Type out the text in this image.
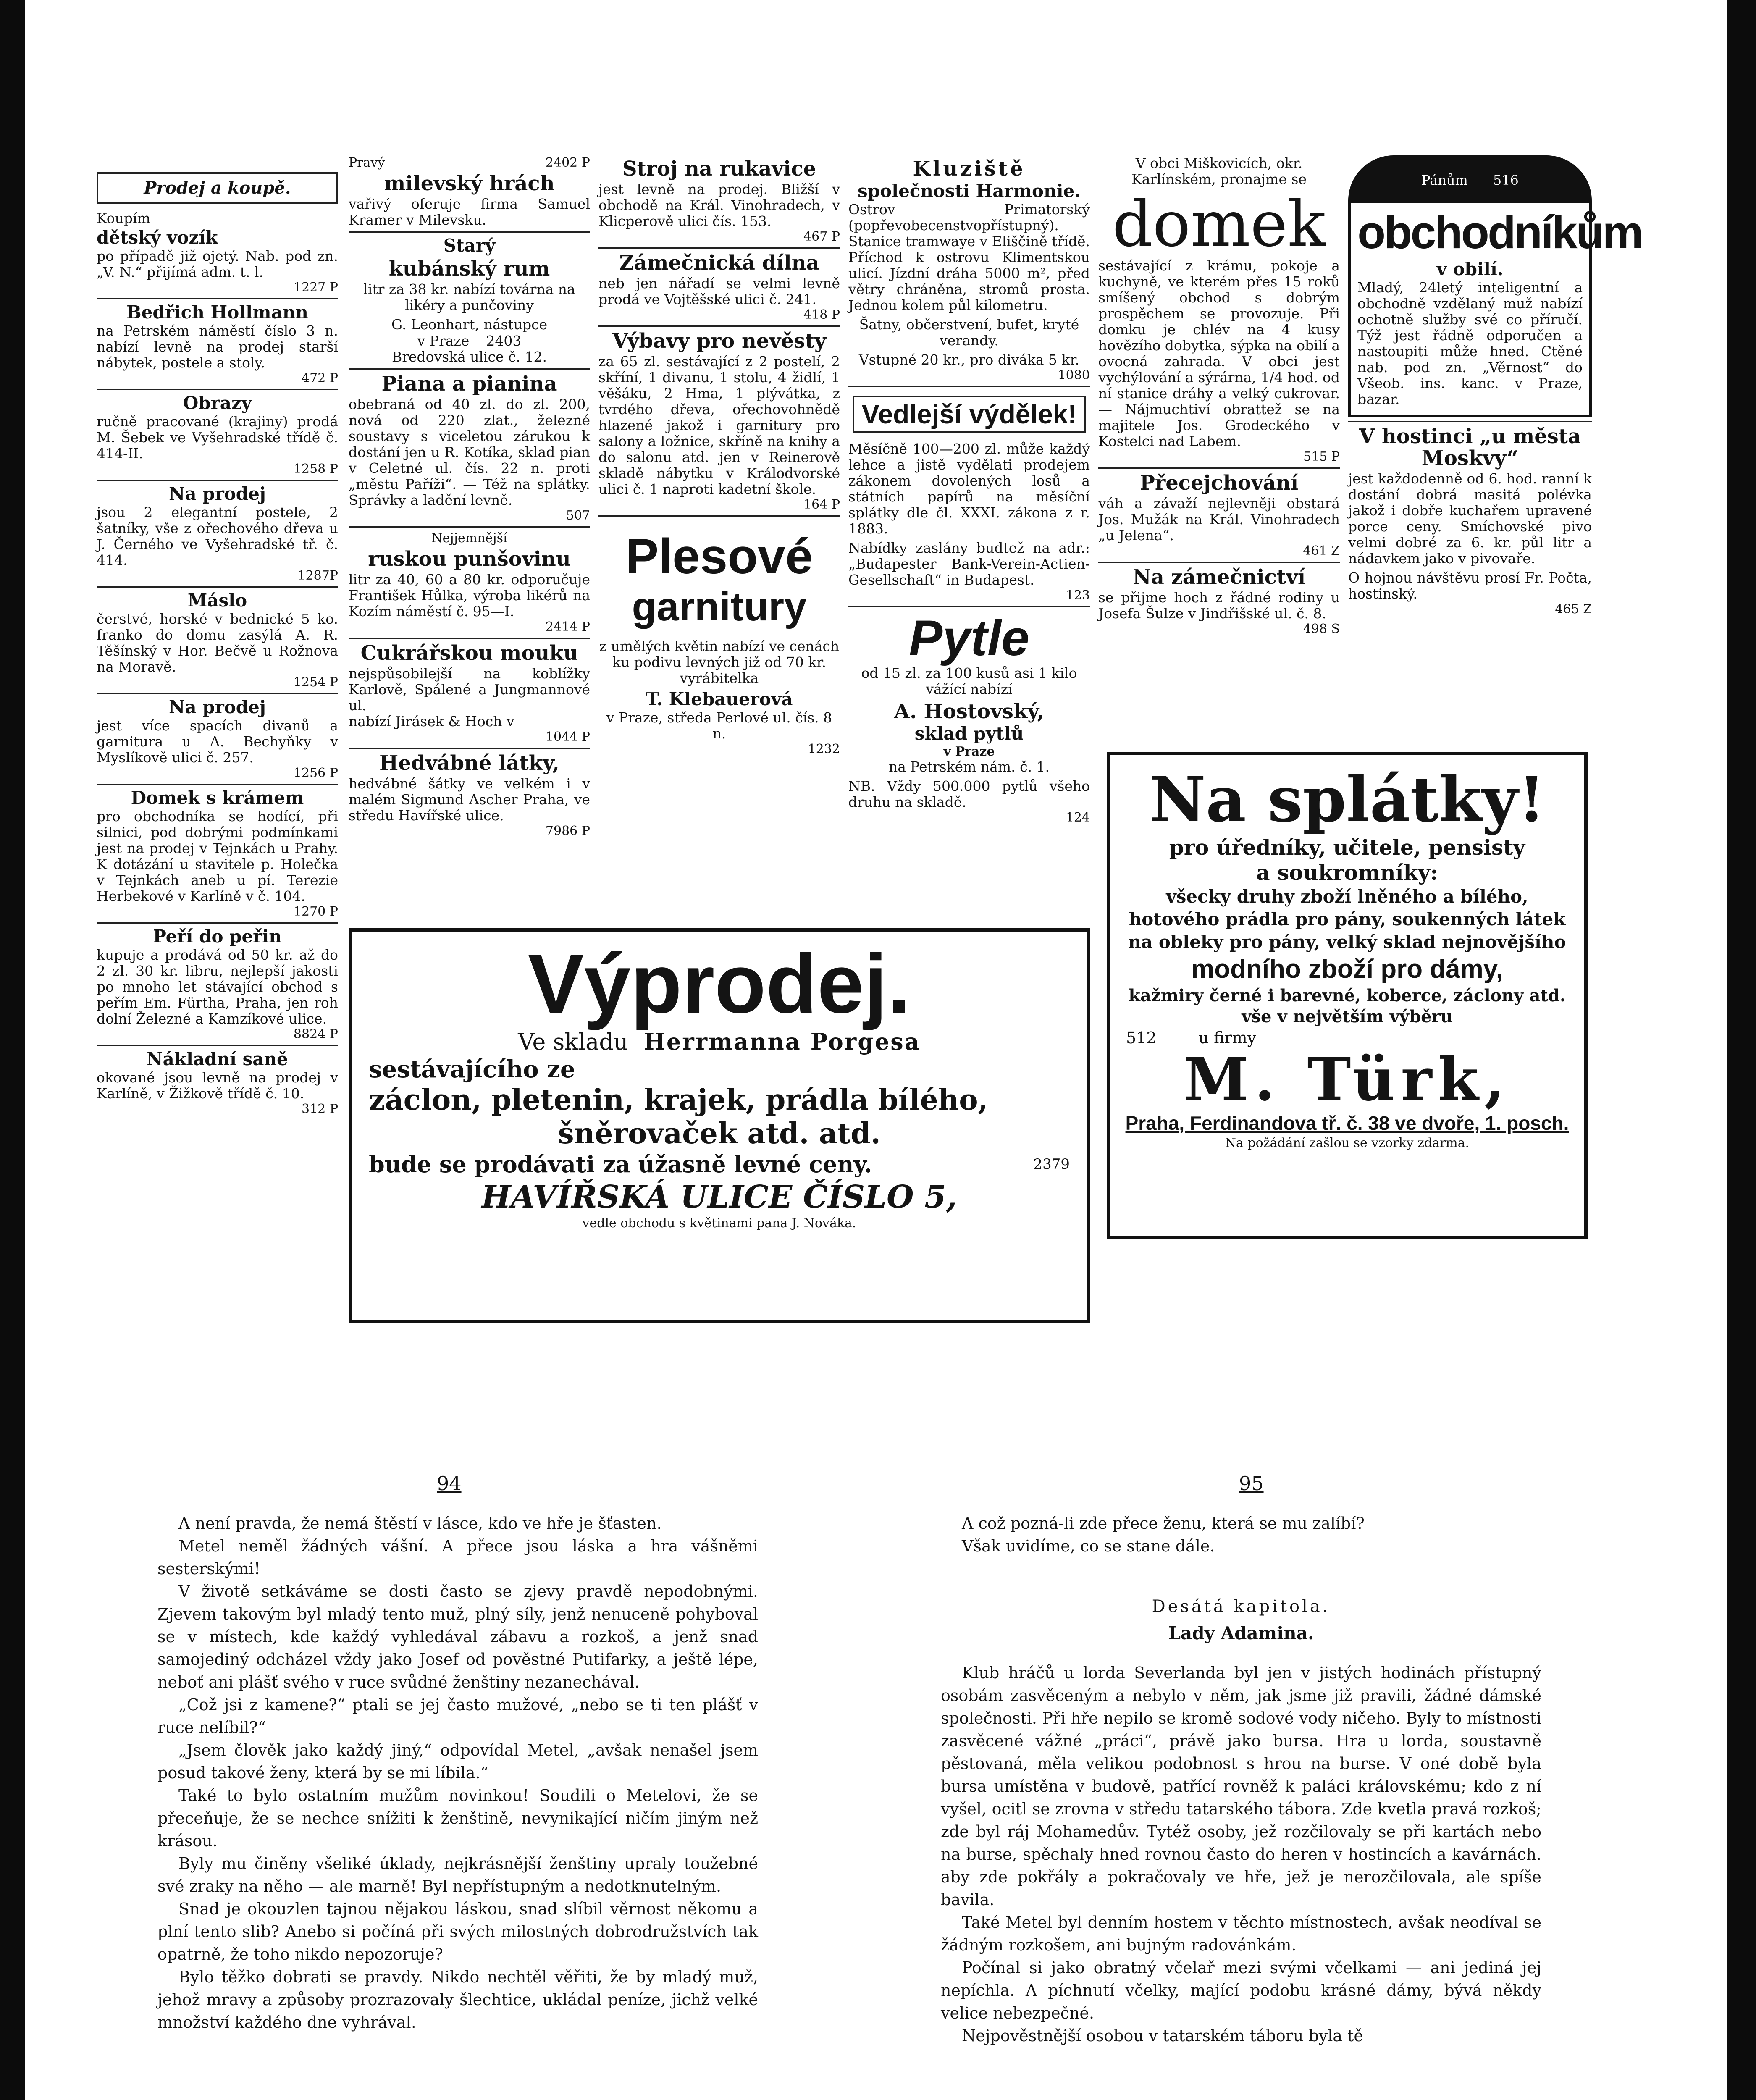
Prodej a koupě.

Koupím

dětský vozík

po případě již ojetý. Nab. pod zn. „V. N.“ přijímá adm. t. l.

1227 P
Bedřich Hollmann

na Petrském náměstí číslo 3 n. nabízí levně na prodej starší nábytek, postele a stoly.

472 P
Obrazy

ručně pracované (krajiny) prodá M. Šebek ve Vyšehradské třídě č. 414-II.

1258 P
Na prodej

jsou 2 elegantní postele, 2 šatníky, vše z ořechového dřeva u J. Černého ve Vyšehradské tř. č. 414.

1287P
Máslo

čerstvé, horské v bednické 5 ko. franko do domu zasýlá A. R. Těšínský v Hor. Bečvě u Rožnova na Moravě.

1254 P
Na prodej

jest více spacích divanů a garnitura u A. Bechyňky v Myslíkově ulici č. 257.

1256 P
Domek s krámem

pro obchodníka se hodící, při silnici, pod dobrými podmínkami jest na prodej v Tejnkách u Prahy. K dotázání u stavitele p. Holečka v Tejnkách aneb u pí. Terezie Herbekové v Karlíně v č. 104.

1270 P
Peří do peřin

kupuje a prodává od 50 kr. až do 2 zl. 30 kr. libru, nejlepší jakosti po mnoho let stávající obchod s peřím Em. Fürtha, Praha, jen roh dolní Železné a Kamzíkové ulice.

8824 P
Nákladní saně

okované jsou levně na prodej v Karlíně, v Žižkově třídě č. 10.

312 P
Pravý	2402 P
milevský hrách

vařivý oferuje firma Samuel Kramer v Milevsku.

Starý
kubánský rum

litr za 38 kr. nabízí továrna na likéry a punčoviny

G. Leonhart, nástupce

v Praze 2403

Bredovská ulice č. 12.

Piana a pianina

obebraná od 40 zl. do zl. 200, nová od 220 zlat., železné soustavy s viceletou zárukou k dostání jen u R. Kotíka, sklad pian v Celetné ul. čís. 22 n. proti „městu Paříži“. — Též na splátky. Správky a ladění levně.

507
Nejjemnější
ruskou punšovinu

litr za 40, 60 a 80 kr. odporučuje František Hůlka, výroba likérů na Kozím náměstí č. 95—I.

2414 P
Cukrářskou mouku

nejspůsobilejší na koblížky Karlově, Spálené a Jungmannové ul.

nabízí Jirásek & Hoch v

1044 P
Hedvábné látky,

hedvábné šátky ve velkém i v malém Sigmund Ascher Praha, ve středu Havířské ulice.

7986 P
Stroj na rukavice

jest levně na prodej. Bližší v obchodě na Král. Vinohradech, v Klicperově ulici čís. 153.

467 P
Zámečnická dílna

neb jen nářadí se velmi levně prodá ve Vojtěšské ulici č. 241.

418 P
Výbavy pro nevěsty

za 65 zl. sestávající z 2 postelí, 2 skříní, 1 divanu, 1 stolu, 4 židlí, 1 věšáku, 2 Hma, 1 plývátka, z tvrdého dřeva, ořechovohnědě hlazené jakož i garnitury pro salony a ložnice, skříně na knihy a do salonu atd. jen v Reinerově skladě nábytku v Králodvorské ulici č. 1 naproti kadetní škole.

164 P
Plesové
garnitury

z umělých květin nabízí ve cenách ku podivu levných již od 70 kr. vyrábitelka

T. Klebauerová

v Praze, středa Perlové ul. čís. 8 n.

1232
Kluziště
společnosti Harmonie.

Ostrov Primatorský (popřevobecenstvopřístupný). Stanice tramwaye v Eliščině třídě. Příchod k ostrovu Klimentskou ulicí. Jízdní dráha 5000 m², před větry chráněna, stromů prosta. Jednou kolem půl kilometru.

Šatny, občerstvení, bufet, kryté verandy.

Vstupné 20 kr., pro diváka 5 kr.

1080
Vedlejší výdělek!

Měsíčně 100—200 zl. může každý lehce a jistě vydělati prodejem zákonem dovolených losů a státních papírů na měsíční splátky dle čl. XXXI. zákona z r. 1883.

Nabídky zaslány budtež na adr.: „Budapester Bank-Verein-Actien-Gesellschaft“ in Budapest.

123
Pytle

od 15 zl. za 100 kusů asi 1 kilo vážící nabízí

A. Hostovský,
sklad pytlů
v Praze

na Petrském nám. č. 1.

NB. Vždy 500.000 pytlů všeho druhu na skladě.

124

V obci Miškovicích, okr. Karlínském, pronajme se

domek

sestávající z krámu, pokoje a kuchyně, ve kterém přes 15 roků smíšený obchod s dobrým prospěchem se provozuje. Při domku je chlév na 4 kusy hovězího dobytka, sýpka na obilí a ovocná zahrada. V obci jest vychýlování a sýrárna, 1/4 hod. od ní stanice dráhy a velký cukrovar. — Nájmuchtiví obrattež se na majitele Jos. Grodeckého v Kostelci nad Labem.

515 P
Přecejchování

váh a závaží nejlevněji obstará Jos. Mužák na Král. Vinohradech „u Jelena“.

461 Z
Na zámečnictví

se přijme hoch z řádné rodiny u Josefa Šulze v Jindřišské ul. č. 8.

498 S
Pánům 516
obchodníkům
v obilí.

Mladý, 24letý inteligentní a obchodně vzdělaný muž nabízí ochotně služby své co příručí. Týž jest řádně odporučen a nastoupiti může hned. Ctěné nab. pod zn. „Věrnost“ do Všeob. ins. kanc. v Praze, bazar.

V hostinci „u města Moskvy“

jest každodenně od 6. hod. ranní k dostání dobrá masitá polévka jakož i dobře kuchařem upravené porce ceny. Smíchovské pivo velmi dobré za 6. kr. půl litr a nádavkem jako v pivovaře.

O hojnou návštěvu prosí Fr. Počta, hostinský.

465 Z
Výprodej.
Ve skladu Herrmanna Porgesa
sestávajícího ze
záclon, pletenin, krajek, prádla bílého,
šněrovaček atd. atd.
bude se prodávati za úžasně levné ceny.	2379
HAVÍŘSKÁ ULICE ČÍSLO 5,
vedle obchodu s květinami pana J. Nováka.
Na splátky!
pro úředníky, učitele, pensisty
a soukromníky:
všecky druhy zboží lněného a bílého, hotového prádla pro pány, soukenných látek na obleky pro pány, velký sklad nejnovějšího
modního zboží pro dámy,
kažmiry černé i barevné, koberce, záclony atd. vše v největším výběru
512	u firmy
M. Türk,
Praha, Ferdinandova tř. č. 38 ve dvoře, 1. posch.
Na požádání zašlou se vzorky zdarma.
94	95

A není pravda, že nemá štěstí v lásce, kdo ve hře je šťasten.

Metel neměl žádných vášní. A přece jsou láska a hra vášněmi sesterskými!

V životě setkáváme se dosti často se zjevy pravdě nepodobnými. Zjevem takovým byl mladý tento muž, plný síly, jenž nenuceně pohyboval se v místech, kde každý vyhledával zábavu a rozkoš, a jenž snad samojediný odcházel vždy jako Josef od pověstné Putifarky, a ještě lépe, neboť ani plášť svého v ruce svůdné ženštiny nezanechával.

„Což jsi z kamene?“ ptali se jej často mužové, „nebo se ti ten plášť v ruce nelíbil?“

„Jsem člověk jako každý jiný,“ odpovídal Metel, „avšak nenašel jsem posud takové ženy, která by se mi líbila.“

Také to bylo ostatním mužům novinkou! Soudili o Metelovi, že se přeceňuje, že se nechce snížiti k ženštině, nevynikající ničím jiným než krásou.

Byly mu činěny všeliké úklady, nejkrásnější ženštiny upraly toužebné své zraky na něho — ale marně! Byl nepřístupným a nedotknutelným.

Snad je okouzlen tajnou nějakou láskou, snad slíbil věrnost někomu a plní tento slib? Anebo si počíná při svých milostných dobrodružstvích tak opatrně, že toho nikdo nepozoruje?

Bylo těžko dobrati se pravdy. Nikdo nechtěl věřiti, že by mladý muž, jehož mravy a způsoby prozrazovaly šlechtice, ukládal peníze, jichž velké množství každého dne vyhrával.

A což pozná-li zde přece ženu, která se mu zalíbí?

Však uvidíme, co se stane dále.

Desátá kapitola.
Lady Adamina.

Klub hráčů u lorda Severlanda byl jen v jistých hodinách přístupný osobám zasvěceným a nebylo v něm, jak jsme již pravili, žádné dámské společnosti. Při hře nepilo se kromě sodové vody ničeho. Byly to místnosti zasvěcené vážné „práci“, právě jako bursa. Hra u lorda, soustavně pěstovaná, měla velikou podobnost s hrou na burse. V oné době byla bursa umístěna v budově, patřící rovněž k paláci královskému; kdo z ní vyšel, ocitl se zrovna v středu tatarského tábora. Zde kvetla pravá rozkoš; zde byl ráj Mohamedův. Tytéž osoby, jež rozčilovaly se při kartách nebo na burse, spěchaly hned rovnou často do heren v hostincích a kavárnách. aby zde pokřály a pokračovaly ve hře, jež je nerozčilovala, ale spíše bavila.

Také Metel byl denním hostem v těchto místnostech, avšak neodíval se žádným rozkošem, ani bujným radovánkám.

Počínal si jako obratný včelař mezi svými včelkami — ani jediná jej nepíchla. A píchnutí včelky, mající podobu krásné dámy, bývá někdy velice nebezpečné.

Nejpověstnější osobou v tatarském táboru byla tě
